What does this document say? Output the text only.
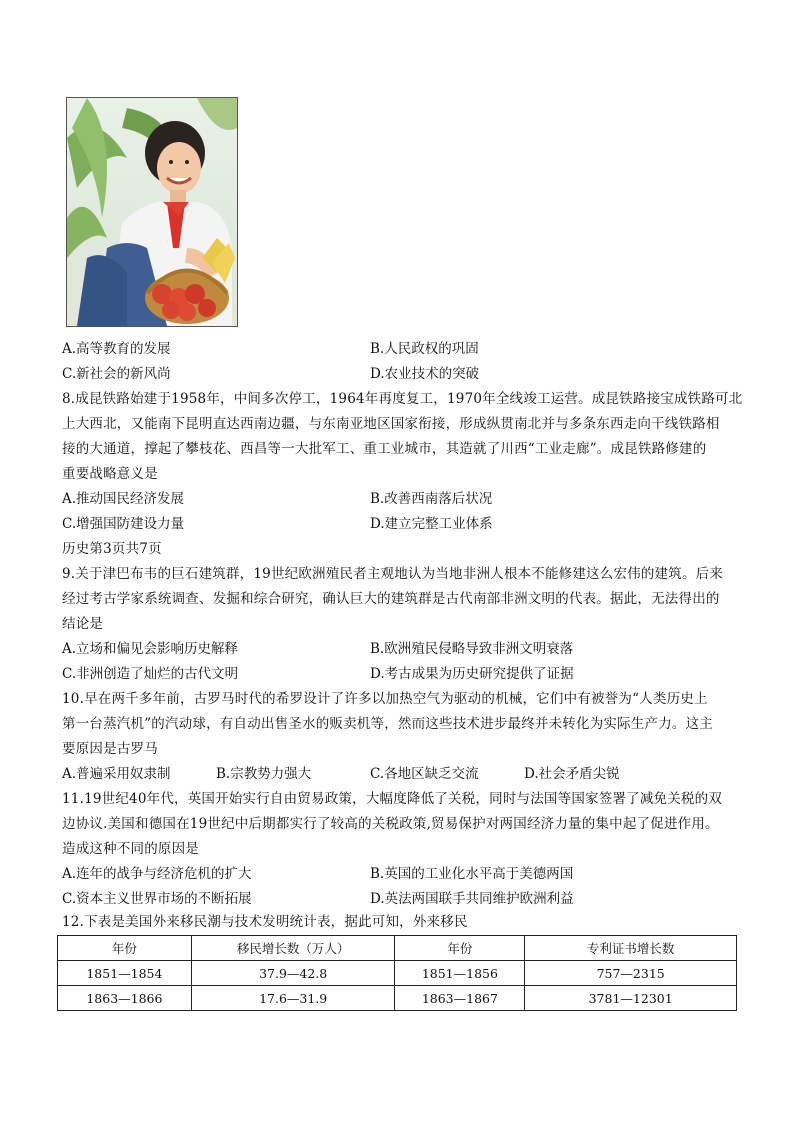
A.高等教育的发展	B.人民政权的巩固
C.新社会的新风尚	D.农业技术的突破
8.成昆铁路始建于1958年，中间多次停工，1964年再度复工，1970年全线竣工运营。成昆铁路接宝成铁路可北
上大西北，又能南下昆明直达西南边疆，与东南亚地区国家衔接，形成纵贯南北并与多条东西走向干线铁路相
接的大通道，撑起了攀枝花、西昌等一大批军工、重工业城市，其造就了川西“工业走廊”。成昆铁路修建的
重要战略意义是
A.推动国民经济发展	B.改善西南落后状况
C.增强国防建设力量	D.建立完整工业体系
历史第3页共7页
9.关于津巴布韦的巨石建筑群，19世纪欧洲殖民者主观地认为当地非洲人根本不能修建这么宏伟的建筑。后来
经过考古学家系统调查、发掘和综合研究，确认巨大的建筑群是古代南部非洲文明的代表。据此，无法得出的
结论是
A.立场和偏见会影响历史解释	B.欧洲殖民侵略导致非洲文明衰落
C.非洲创造了灿烂的古代文明	D.考古成果为历史研究提供了证据
10.早在两千多年前，古罗马时代的希罗设计了许多以加热空气为驱动的机械，它们中有被誉为“人类历史上
第一台蒸汽机”的汽动球，有自动出售圣水的贩卖机等，然而这些技术进步最终并未转化为实际生产力。这主
要原因是古罗马
A.普遍采用奴隶制	B.宗教势力强大	C.各地区缺乏交流	D.社会矛盾尖锐
11.19世纪40年代，英国开始实行自由贸易政策，大幅度降低了关税，同时与法国等国家签署了减免关税的双
边协议.美国和德国在19世纪中后期都实行了较高的关税政策,贸易保护对两国经济力量的集中起了促进作用。
造成这种不同的原因是
A.连年的战争与经济危机的扩大	B.英国的工业化水平高于美德两国
C.资本主义世界市场的不断拓展	D.英法两国联手共同维护欧洲利益
12.下表是美国外来移民潮与技术发明统计表，据此可知，外来移民
年份	移民增长数（万人）	年份	专利证书增长数
1851—1854	37.9—42.8	1851—1856	757—2315
1863—1866	17.6—31.9	1863—1867	3781—12301
